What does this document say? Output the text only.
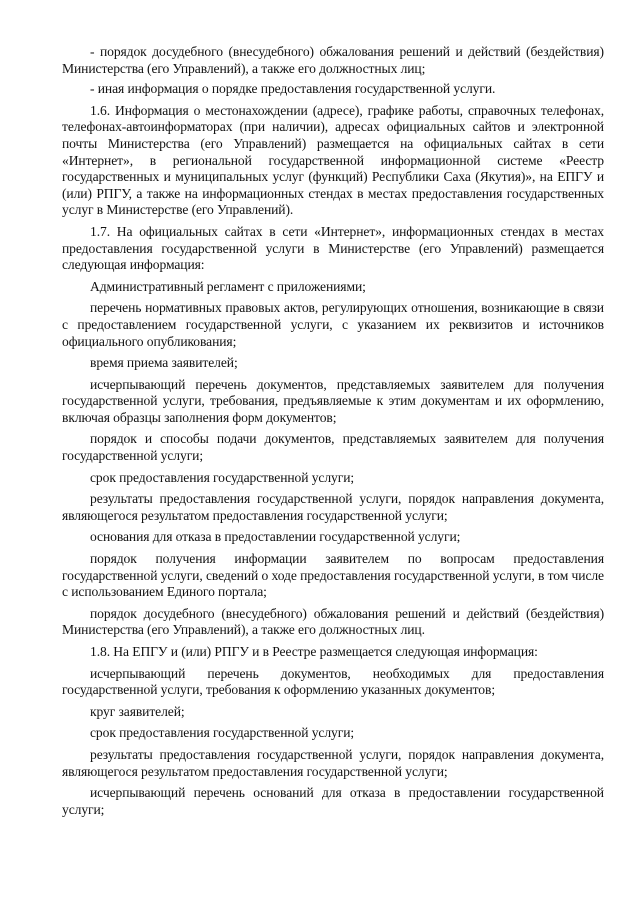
- порядок досудебного (внесудебного) обжалования решений и действий (бездействия) Министерства (его Управлений), а также его должностных лиц;

- иная информация о порядке предоставления государственной услуги.

1.6. Информация о местонахождении (адресе), графике работы, справочных телефонах, телефонах-автоинформаторах (при наличии), адресах официальных сайтов и электронной почты Министерства (его Управлений) размещается на официальных сайтах в сети «Интернет», в региональной государственной информационной системе «Реестр государственных и муниципальных услуг (функций) Республики Саха (Якутия)», на ЕПГУ и (или) РПГУ, а также на информационных стендах в местах предоставления государственных услуг в Министерстве (его Управлений).

1.7. На официальных сайтах в сети «Интернет», информационных стендах в местах предоставления государственной услуги в Министерстве (его Управлений) размещается следующая информация:

Административный регламент с приложениями;

перечень нормативных правовых актов, регулирующих отношения, возникающие в связи с предоставлением государственной услуги, с указанием их реквизитов и источников официального опубликования;

время приема заявителей;

исчерпывающий перечень документов, представляемых заявителем для получения государственной услуги, требования, предъявляемые к этим документам и их оформлению, включая образцы заполнения форм документов;

порядок и способы подачи документов, представляемых заявителем для получения государственной услуги;

срок предоставления государственной услуги;

результаты предоставления государственной услуги, порядок направления документа, являющегося результатом предоставления государственной услуги;

основания для отказа в предоставлении государственной услуги;

порядок получения информации заявителем по вопросам предоставления государственной услуги, сведений о ходе предоставления государственной услуги, в том числе с использованием Единого портала;

порядок досудебного (внесудебного) обжалования решений и действий (бездействия) Министерства (его Управлений), а также его должностных лиц.

1.8. На ЕПГУ и (или) РПГУ и в Реестре размещается следующая информация:

исчерпывающий перечень документов, необходимых для предоставления государственной услуги, требования к оформлению указанных документов;

круг заявителей;

срок предоставления государственной услуги;

результаты предоставления государственной услуги, порядок направления документа, являющегося результатом предоставления государственной услуги;

исчерпывающий перечень оснований для отказа в предоставлении государственной услуги;
